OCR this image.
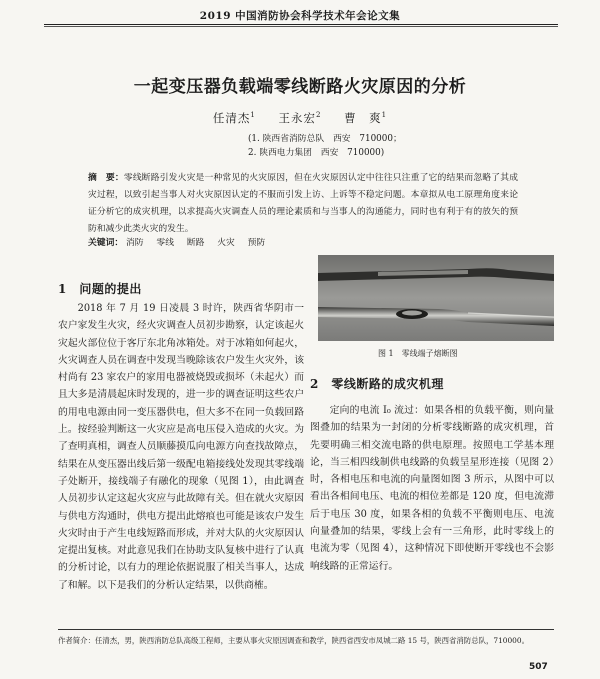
2019 中国消防协会科学技术年会论文集
一起变压器负载端零线断路火灾原因的分析
任清杰$^1$ 王永宏$^2$ 曹　爽$^1$
(1. 陕西省消防总队　西安　710000；
2. 陕西电力集团　西安　710000)
摘　要：零线断路引发火灾是一种常见的火灾原因，但在火灾原因认定中往往只注重了它的结果而忽略了其成灾过程，以致引起当事人对火灾原因认定的不服而引发上访、上诉等不稳定问题。本章拟从电工原理角度来论证分析它的成灾机理，以求提高火灾调查人员的理论素质和与当事人的沟通能力，同时也有利于有的放矢的预防和减少此类火灾的发生。
关键词： 消防 零线 断路 火灾 预防
1　问题的提出

2018 年 7 月 19 日凌晨 3 时许，陕西省华阴市一农户家发生火灾，经火灾调查人员初步勘察，认定该起火灾起火部位位于客厅东北角冰箱处。对于冰箱如何起火，火灾调查人员在调查中发现当晚除该农户发生火灾外，该村尚有 23 家农户的家用电器被烧毁或损坏（未起火）而且大多是清晨起床时发现的，进一步的调查证明这些农户的用电电源由同一变压器供电，但大多不在同一负载回路上。按经验判断这一火灾应是高电压侵入造成的火灾。为了查明真相，调查人员顺藤摸瓜向电源方向查找故障点，结果在从变压器出线后第一级配电箱接线处发现其零线端子处断开，接线端子有融化的现象（见图 1），由此调查人员初步认定这起火灾应与此故障有关。但在就火灾原因与供电方沟通时，供电方提出此熔痕也可能是该农户发生火灾时由于产生电线短路而形成，并对大队的火灾原因认定提出复核。对此意见我们在协助支队复核中进行了认真的分析讨论，以有力的理论依据说服了相关当事人，达成了和解。以下是我们的分析认定结果，以供商榷。

图 1　零线端子熔断图
2　零线断路的成灾机理

定向的电流 I₀ 流过：如果各相的负载平衡，则向量图叠加的结果为一封闭的分析零线断路的成灾机理，首先要明确三相交流电路的供电原理。按照电工学基本理论，当三相四线制供电线路的负载呈星形连接（见图 2）时，各相电压和电流的向量图如图 3 所示，从图中可以看出各相间电压、电流的相位差都是 120 度，但电流滞后于电压 30 度，如果各相的负载不平衡则电压、电流向量叠加的结果，零线上会有一三角形，此时零线上的电流为零（见图 4），这种情况下即使断开零线也不会影响线路的正常运行。

作者简介：任清杰，男，陕西消防总队高级工程师，主要从事火灾原因调查和教学，陕西省西安市凤城二路 15 号，陕西省消防总队，710000。
507
